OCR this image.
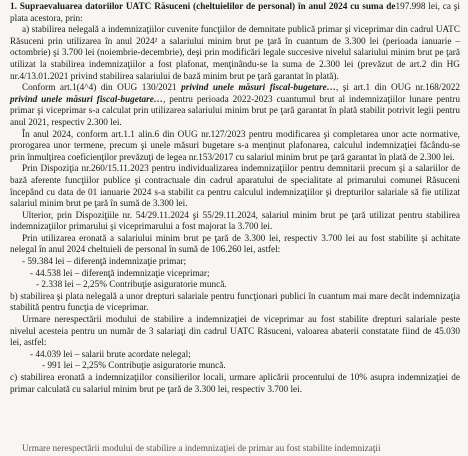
1. Supraevaluarea datoriilor UATC Răsuceni (cheltuielilor de personal) în anul 2024 cu suma de197.998 lei, ca şi plata acestora, prin:

a) stabilirea nelegală a indemnizaţiilor cuvenite funcţiilor de demnitate publică primar şi viceprimar din cadrul UATC Răsuceni prin utilizarea în anul 2024² a salariului minim brut pe ţară în cuantum de 3.300 lei (perioada ianuarie – octombrie) şi 3.700 lei (noiembrie-decembrie), deşi prin modificări legale succesive nivelul salariului minim brut pe ţară utilizat la stabilirea indemnizaţiilor a fost plafonat, menţinându-se la suma de 2.300 lei (prevăzut de art.2 din HG nr.4/13.01.2021 privind stabilirea salariului de bază minim brut pe ţară garantat în plată).

Conform art.1(4^4) din OUG 130/2021 privind unele măsuri fiscal-bugetare…, şi art.1 din OUG nr.168/2022 privind unele măsuri fiscal-bugetare…, pentru perioada 2022-2023 cuantumul brut al indemnizaţiilor lunare pentru primar şi viceprimar s-a calculat prin utilizarea salariului minim brut pe ţară garantat în plată stabilit potrivit legii pentru anul 2021, respectiv 2.300 lei.

În anul 2024, conform art.1.1 alin.6 din OUG nr.127/2023 pentru modificarea şi completarea unor acte normative, prorogarea unor termene, precum şi unele măsuri bugetare s-a menţinut plafonarea, calculul indemnizaţiei făcându-se prin înmulţirea coeficienţilor prevăzuţi de legea nr.153/2017 cu salariul minim brut pe ţară garantat în plată de 2.300 lei.

Prin Dispoziţia nr.260/15.11.2023 pentru individualizarea indemnizaţiilor pentru demnitarii precum şi a salariilor de bază aferente funcţiilor publice şi contractuale din cadrul aparatului de specialitate al primarului comunei Răsuceni începând cu data de 01 ianuarie 2024 s-a stabilit ca pentru calculul indemnizaţiilor şi drepturilor salariale să fie utilizat salariul minim brut pe ţară în sumă de 3.300 lei.

Ulterior, prin Dispoziţiile nr. 54/29.11.2024 şi 55/29.11.2024, salariul minim brut pe ţară utilizat pentru stabilirea indemnizaţiilor primarului şi viceprimarului a fost majorat la 3.700 lei.

Prin utilizarea eronată a salariului minim brut pe ţară de 3.300 lei, respectiv 3.700 lei au fost stabilite şi achitate nelegal în anul 2024 cheltuieli de personal în sumă de 106.260 lei, astfel:

- 59.384 lei – diferenţă indemnizaţie primar;

- 44.538 lei – diferenţă indemnizaţie viceprimar;

- 2.338 lei – 2,25% Contribuţie asiguratorie muncă.

b) stabilirea şi plata nelegală a unor drepturi salariale pentru funcţionari publici în cuantum mai mare decât indemnizaţia stabilită pentru funcţia de viceprimar.

Urmare nerespectării modului de stabilire a indemnizaţiei de viceprimar au fost stabilite drepturi salariale peste nivelul acesteia pentru un număr de 3 salariaţi din cadrul UATC Răsuceni, valoarea abaterii constatate fiind de 45.030 lei, astfel:

- 44.039 lei – salarii brute acordate nelegal;

- 991 lei – 2,25% Contribuţie asiguratorie muncă.

c) stabilirea eronată a indemnizaţiilor consilierilor locali, urmare aplicării procentului de 10% asupra indemnizaţiei de primar calculată cu salariul minim brut pe ţară de 3.300 lei, respectiv 3.700 lei.

Urmare nerespectării modului de stabilire a indemnizaţiei de primar au fost stabilite indemnizaţii
